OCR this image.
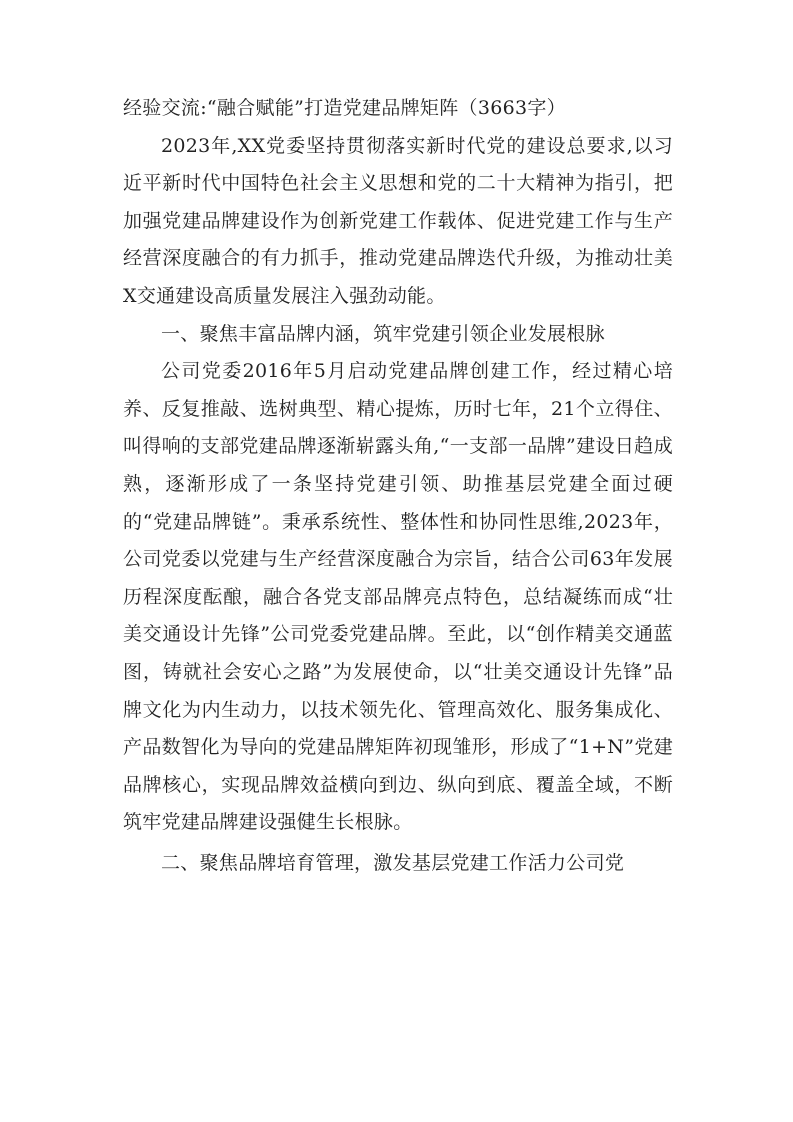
经验交流:“融合赋能”打造党建品牌矩阵（3663字）

2023年,XX党委坚持贯彻落实新时代党的建设总要求,以习近平新时代中国特色社会主义思想和党的二十大精神为指引，把加强党建品牌建设作为创新党建工作载体、促进党建工作与生产经营深度融合的有力抓手，推动党建品牌迭代升级，为推动壮美X交通建设高质量发展注入强劲动能。

一、聚焦丰富品牌内涵，筑牢党建引领企业发展根脉

公司党委2016年5月启动党建品牌创建工作，经过精心培养、反复推敲、选树典型、精心提炼，历时七年，21个立得住、叫得响的支部党建品牌逐渐崭露头角,“一支部一品牌”建设日趋成熟，逐渐形成了一条坚持党建引领、助推基层党建全面过硬的“党建品牌链”。秉承系统性、整体性和协同性思维,2023年，公司党委以党建与生产经营深度融合为宗旨，结合公司63年发展历程深度酝酿，融合各党支部品牌亮点特色，总结凝练而成“壮美交通设计先锋”公司党委党建品牌。至此，以“创作精美交通蓝图，铸就社会安心之路”为发展使命，以“壮美交通设计先锋”品牌文化为内生动力，以技术领先化、管理高效化、服务集成化、产品数智化为导向的党建品牌矩阵初现雏形，形成了“1+N”党建品牌核心，实现品牌效益横向到边、纵向到底、覆盖全域，不断筑牢党建品牌建设强健生长根脉。

二、聚焦品牌培育管理，激发基层党建工作活力公司党
